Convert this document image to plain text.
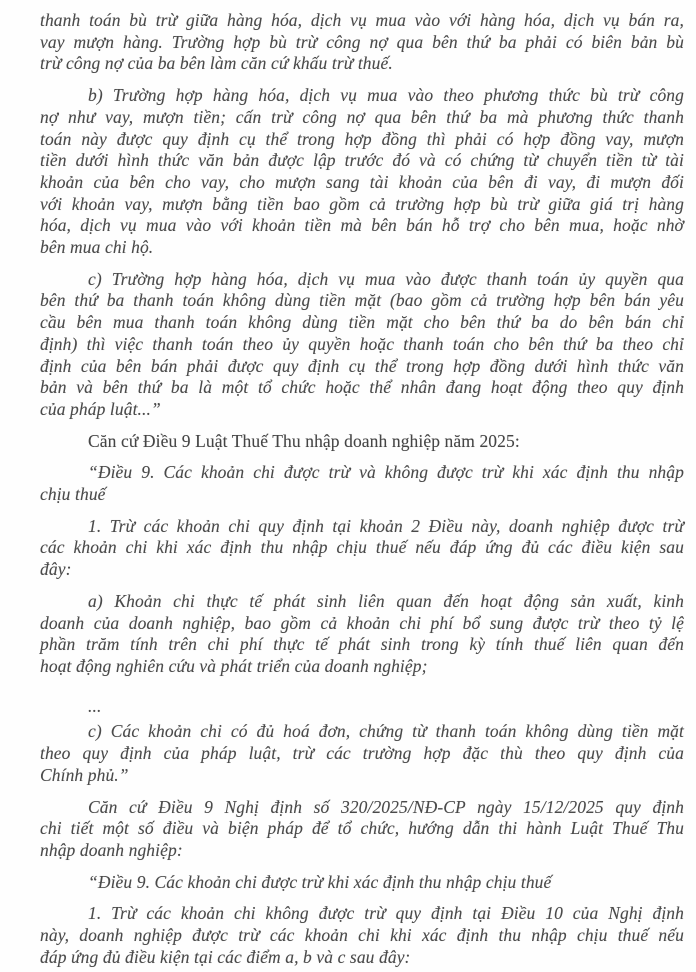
thanh toán bù trừ giữa hàng hóa, dịch vụ mua vào với hàng hóa, dịch vụ bán ra,
vay mượn hàng. Trường hợp bù trừ công nợ qua bên thứ ba phải có biên bản bù
trừ công nợ của ba bên làm căn cứ khấu trừ thuế.
b) Trường hợp hàng hóa, dịch vụ mua vào theo phương thức bù trừ công
nợ như vay, mượn tiền; cấn trừ công nợ qua bên thứ ba mà phương thức thanh
toán này được quy định cụ thể trong hợp đồng thì phải có hợp đồng vay, mượn
tiền dưới hình thức văn bản được lập trước đó và có chứng từ chuyển tiền từ tài
khoản của bên cho vay, cho mượn sang tài khoản của bên đi vay, đi mượn đối
với khoản vay, mượn bằng tiền bao gồm cả trường hợp bù trừ giữa giá trị hàng
hóa, dịch vụ mua vào với khoản tiền mà bên bán hỗ trợ cho bên mua, hoặc nhờ
bên mua chi hộ.
c) Trường hợp hàng hóa, dịch vụ mua vào được thanh toán ủy quyền qua
bên thứ ba thanh toán không dùng tiền mặt (bao gồm cả trường hợp bên bán yêu
cầu bên mua thanh toán không dùng tiền mặt cho bên thứ ba do bên bán chỉ
định) thì việc thanh toán theo ủy quyền hoặc thanh toán cho bên thứ ba theo chỉ
định của bên bán phải được quy định cụ thể trong hợp đồng dưới hình thức văn
bản và bên thứ ba là một tổ chức hoặc thể nhân đang hoạt động theo quy định
của pháp luật...”
Căn cứ Điều 9 Luật Thuế Thu nhập doanh nghiệp năm 2025:
“Điều 9. Các khoản chi được trừ và không được trừ khi xác định thu nhập
chịu thuế
1. Trừ các khoản chi quy định tại khoản 2 Điều này, doanh nghiệp được trừ
các khoản chi khi xác định thu nhập chịu thuế nếu đáp ứng đủ các điều kiện sau
đây:
a) Khoản chi thực tế phát sinh liên quan đến hoạt động sản xuất, kinh
doanh của doanh nghiệp, bao gồm cả khoản chi phí bổ sung được trừ theo tỷ lệ
phần trăm tính trên chi phí thực tế phát sinh trong kỳ tính thuế liên quan đến
hoạt động nghiên cứu và phát triển của doanh nghiệp;
...
c) Các khoản chi có đủ hoá đơn, chứng từ thanh toán không dùng tiền mặt
theo quy định của pháp luật, trừ các trường hợp đặc thù theo quy định của
Chính phủ.”
Căn cứ Điều 9 Nghị định số 320/2025/NĐ-CP ngày 15/12/2025 quy định
chi tiết một số điều và biện pháp để tổ chức, hướng dẫn thi hành Luật Thuế Thu
nhập doanh nghiệp:
“Điều 9. Các khoản chi được trừ khi xác định thu nhập chịu thuế
1. Trừ các khoản chi không được trừ quy định tại Điều 10 của Nghị định
này, doanh nghiệp được trừ các khoản chi khi xác định thu nhập chịu thuế nếu
đáp ứng đủ điều kiện tại các điểm a, b và c sau đây:
